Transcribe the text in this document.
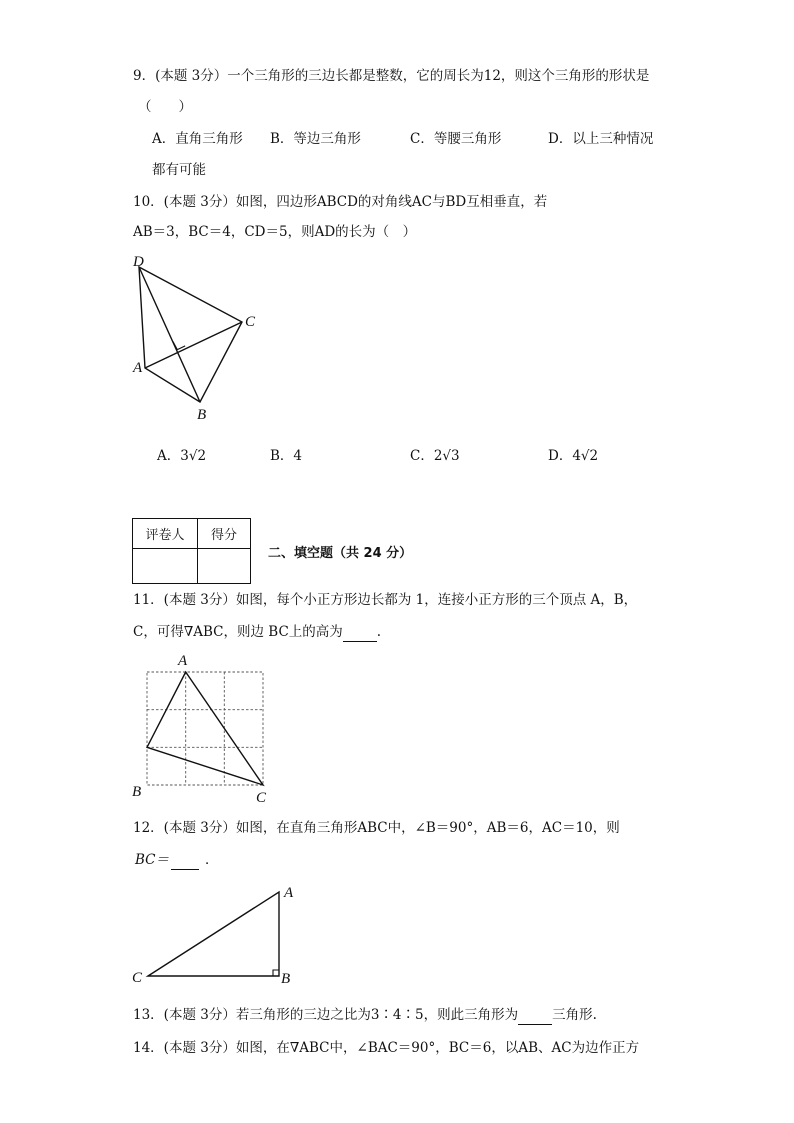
9．(本题 3分）一个三角形的三边长都是整数，它的周长为12，则这个三角形的形状是
（　　）
A．直角三角形 B．等边三角形	C．等腰三角形	D．以上三种情况
都有可能
10．(本题 3分）如图，四边形ABCD的对角线AC与BD互相垂直，若
AB＝3，BC＝4，CD＝5，则AD的长为（　）
D
C
A
B
A．3√2	B．4	C．2√3	D．4√2
评卷人	得分

二、填空题（共 24 分）
11．(本题 3分）如图，每个小正方形边长都为 1，连接小正方形的三个顶点 A，B，
C，可得∇ABC，则边 BC上的高为	.
A
B	C
12．(本题 3分）如图，在直角三角形ABC中，∠B＝90°，AB＝6，AC＝10，则
BC＝	．
A
C	B
13．(本题 3分）若三角形的三边之比为3∶4∶5，则此三角形为	三角形.
14．(本题 3分）如图，在∇ABC中，∠BAC＝90°，BC＝6，以AB、AC为边作正方
